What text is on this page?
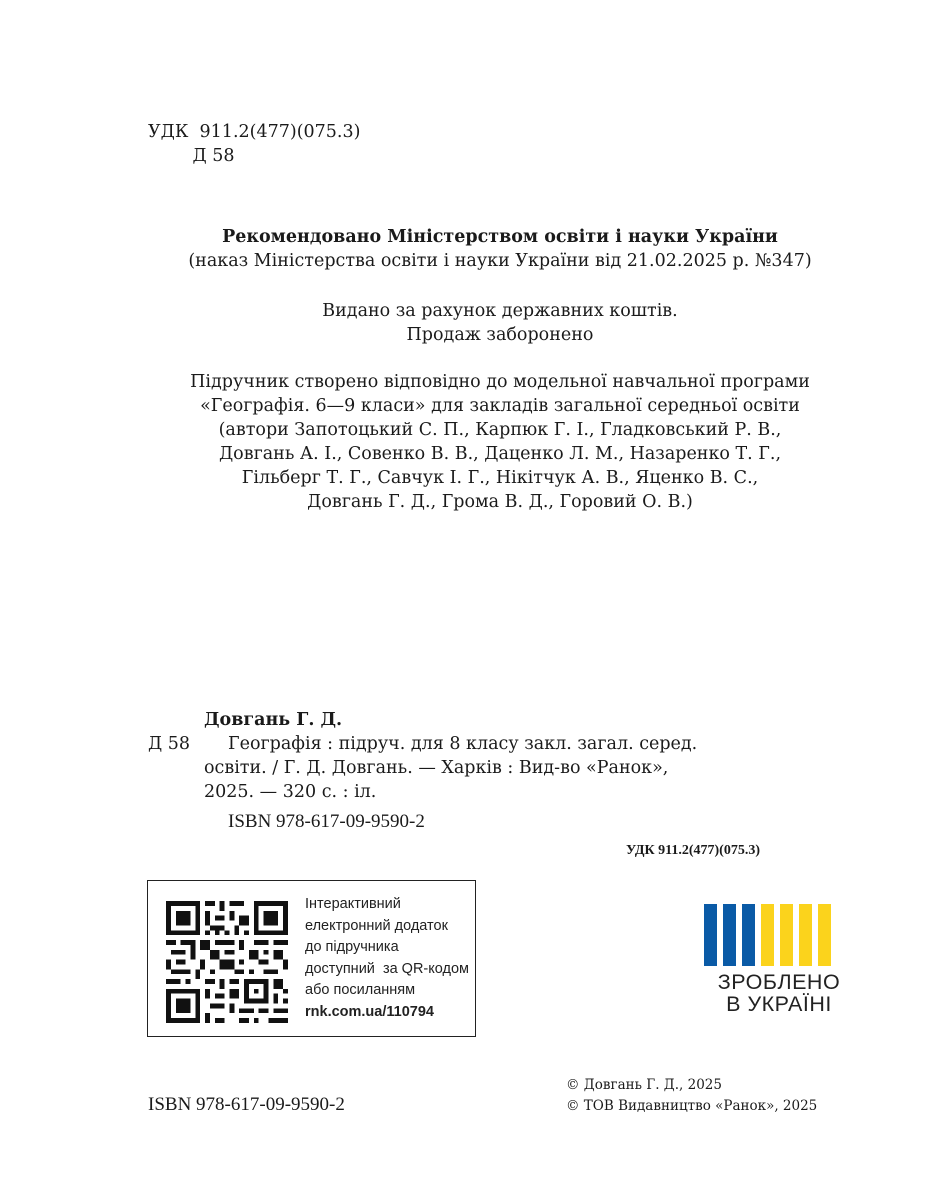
УДК  911.2(477)(075.3)
Д 58
Рекомендовано Міністерством освіти і науки України
(наказ Міністерства освіти і науки України від 21.02.2025 р. №347)
Видано за рахунок державних коштів.
Продаж заборонено
Підручник створено відповідно до модельної навчальної програми
«Географія. 6—9 класи» для закладів загальної середньої освіти
(автори Запотоцький С. П., Карпюк Г. І., Гладковський Р. В.,
Довгань А. І., Совенко В. В., Даценко Л. М., Назаренко Т. Г.,
Гільберг Т. Г., Савчук І. Г., Нікітчук А. В., Яценко В. С.,
Довгань Г. Д., Грома В. Д., Горовий О. В.)
Довгань Г. Д.
Д 58	Географія : підруч. для 8 класу закл. загал. серед.
освіти. / Г. Д. Довгань. — Харків : Вид-во «Ранок»,
2025. — 320 с. : іл.
ISBN 978-617-09-9590-2
УДК 911.2(477)(075.3)
Інтерактивний
електронний додаток
до підручника
доступний  за QR-кодом
або посиланням
rnk.com.ua/110794
ЗРОБЛЕНО
В УКРАЇНІ
ISBN 978-617-09-9590-2
© Довгань Г. Д., 2025
© ТОВ Видавництво «Ранок», 2025
